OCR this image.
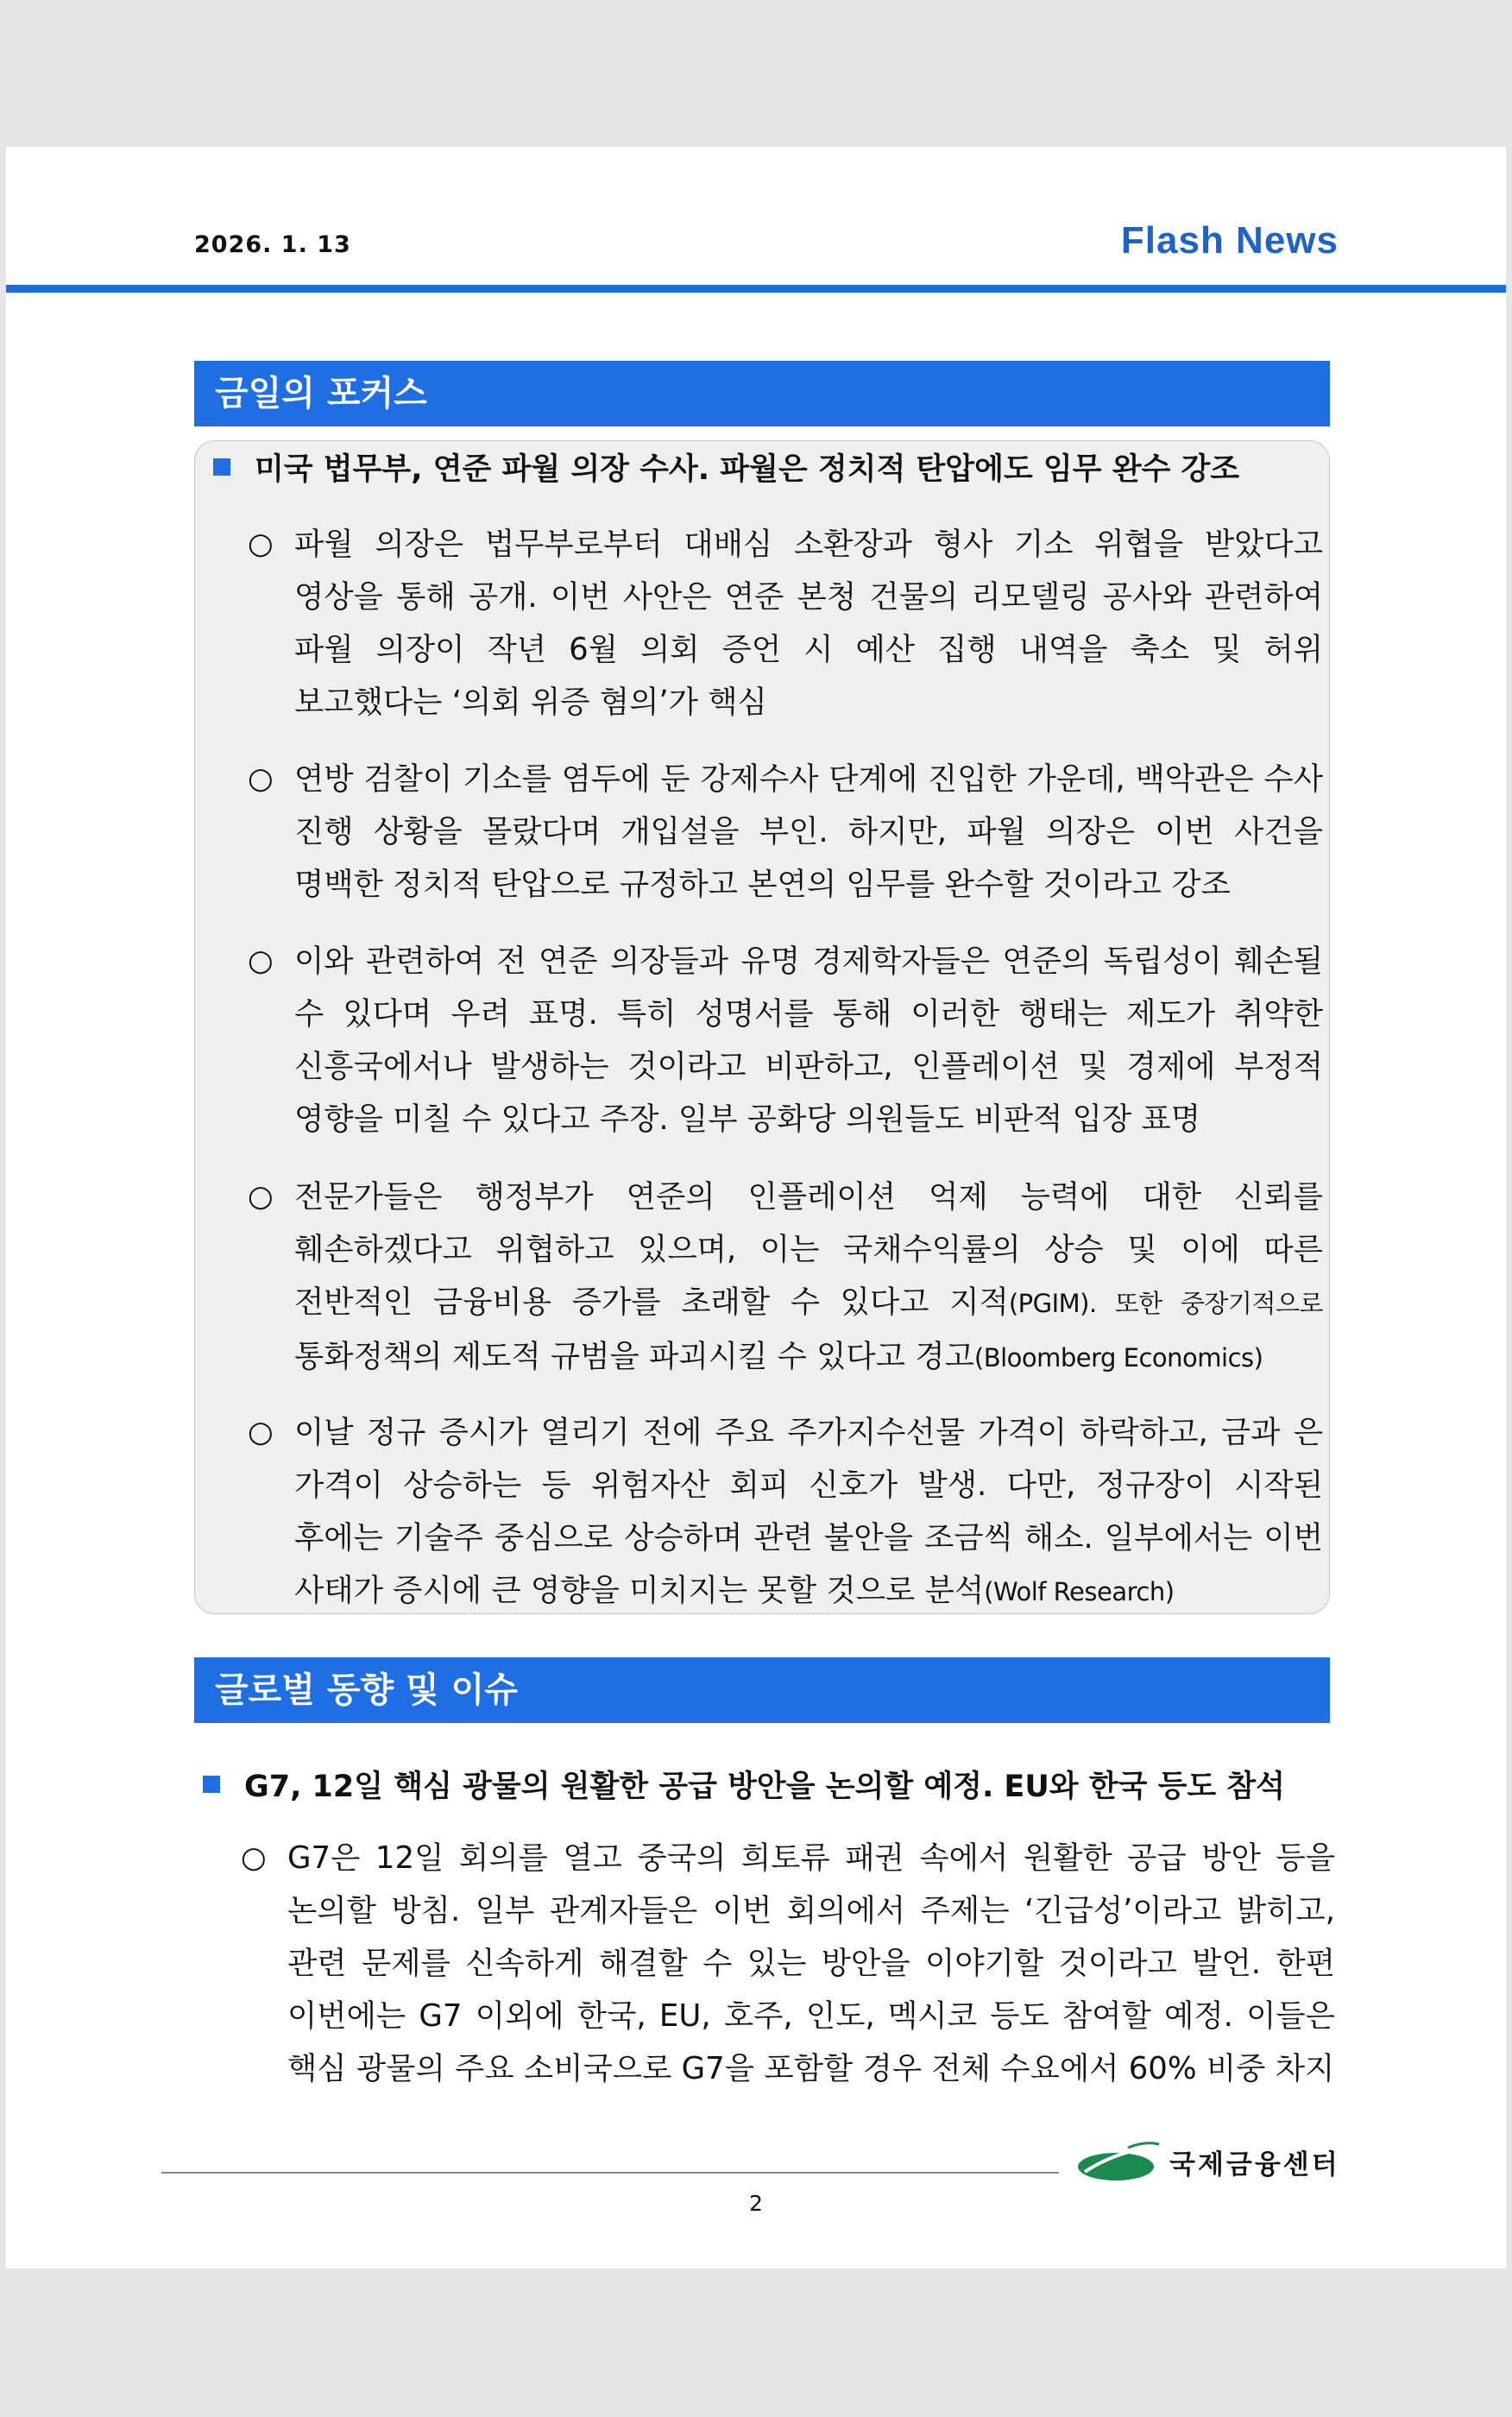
2026. 1. 13	Flash News
금일의 포커스
미국 법무부, 연준 파월 의장 수사. 파월은 정치적 탄압에도 임무 완수 강조
○ 파월 의장은 법무부로부터 대배심 소환장과 형사 기소 위협을 받았다고
영상을 통해 공개. 이번 사안은 연준 본청 건물의 리모델링 공사와 관련하여
파월 의장이 작년 6월 의회 증언 시 예산 집행 내역을 축소 및 허위
보고했다는 ‘의회 위증 혐의’가 핵심
○ 연방 검찰이 기소를 염두에 둔 강제수사 단계에 진입한 가운데, 백악관은 수사
진행 상황을 몰랐다며 개입설을 부인. 하지만, 파월 의장은 이번 사건을
명백한 정치적 탄압으로 규정하고 본연의 임무를 완수할 것이라고 강조
○ 이와 관련하여 전 연준 의장들과 유명 경제학자들은 연준의 독립성이 훼손될
수 있다며 우려 표명. 특히 성명서를 통해 이러한 행태는 제도가 취약한
신흥국에서나 발생하는 것이라고 비판하고, 인플레이션 및 경제에 부정적
영향을 미칠 수 있다고 주장. 일부 공화당 의원들도 비판적 입장 표명
○ 전문가들은 행정부가 연준의 인플레이션 억제 능력에 대한 신뢰를
훼손하겠다고 위협하고 있으며, 이는 국채수익률의 상승 및 이에 따른
전반적인 금융비용 증가를 초래할 수 있다고 지적(PGIM). 또한 중장기적으로
통화정책의 제도적 규범을 파괴시킬 수 있다고 경고(Bloomberg Economics)
○ 이날 정규 증시가 열리기 전에 주요 주가지수선물 가격이 하락하고, 금과 은
가격이 상승하는 등 위험자산 회피 신호가 발생. 다만, 정규장이 시작된
후에는 기술주 중심으로 상승하며 관련 불안을 조금씩 해소. 일부에서는 이번
사태가 증시에 큰 영향을 미치지는 못할 것으로 분석(Wolf Research)
글로벌 동향 및 이슈
G7, 12일 핵심 광물의 원활한 공급 방안을 논의할 예정. EU와 한국 등도 참석
○ G7은 12일 회의를 열고 중국의 희토류 패권 속에서 원활한 공급 방안 등을
논의할 방침. 일부 관계자들은 이번 회의에서 주제는 ‘긴급성’이라고 밝히고,
관련 문제를 신속하게 해결할 수 있는 방안을 이야기할 것이라고 발언. 한편
이번에는 G7 이외에 한국, EU, 호주, 인도, 멕시코 등도 참여할 예정. 이들은
핵심 광물의 주요 소비국으로 G7을 포함할 경우 전체 수요에서 60% 비중 차지
국제금융센터
2
